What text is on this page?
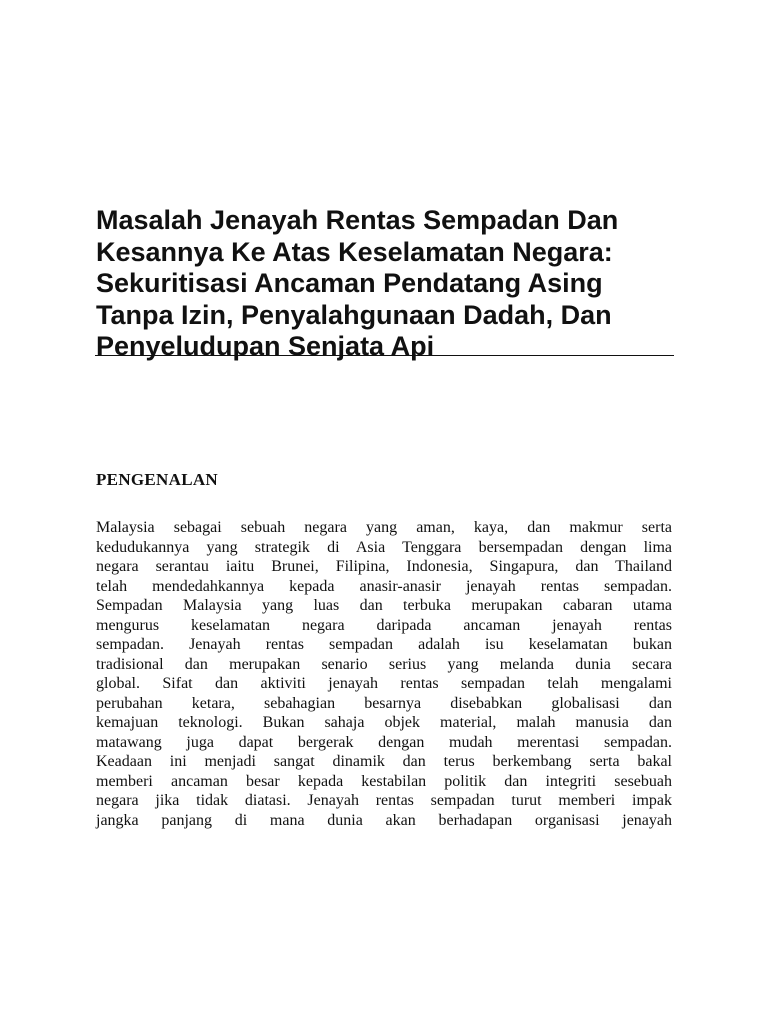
Masalah Jenayah Rentas Sempadan Dan
Kesannya Ke Atas Keselamatan Negara:
Sekuritisasi Ancaman Pendatang Asing
Tanpa Izin, Penyalahgunaan Dadah, Dan
Penyeludupan Senjata Api
PENGENALAN
Malaysia sebagai sebuah negara yang aman, kaya, dan makmur serta
kedudukannya yang strategik di Asia Tenggara bersempadan dengan lima
negara serantau iaitu Brunei, Filipina, Indonesia, Singapura, dan Thailand
telah mendedahkannya kepada anasir-anasir jenayah rentas sempadan.
Sempadan Malaysia yang luas dan terbuka merupakan cabaran utama
mengurus keselamatan negara daripada ancaman jenayah rentas
sempadan. Jenayah rentas sempadan adalah isu keselamatan bukan
tradisional dan merupakan senario serius yang melanda dunia secara
global. Sifat dan aktiviti jenayah rentas sempadan telah mengalami
perubahan ketara, sebahagian besarnya disebabkan globalisasi dan
kemajuan teknologi. Bukan sahaja objek material, malah manusia dan
matawang juga dapat bergerak dengan mudah merentasi sempadan.
Keadaan ini menjadi sangat dinamik dan terus berkembang serta bakal
memberi ancaman besar kepada kestabilan politik dan integriti sesebuah
negara jika tidak diatasi. Jenayah rentas sempadan turut memberi impak
jangka panjang di mana dunia akan berhadapan organisasi jenayah
